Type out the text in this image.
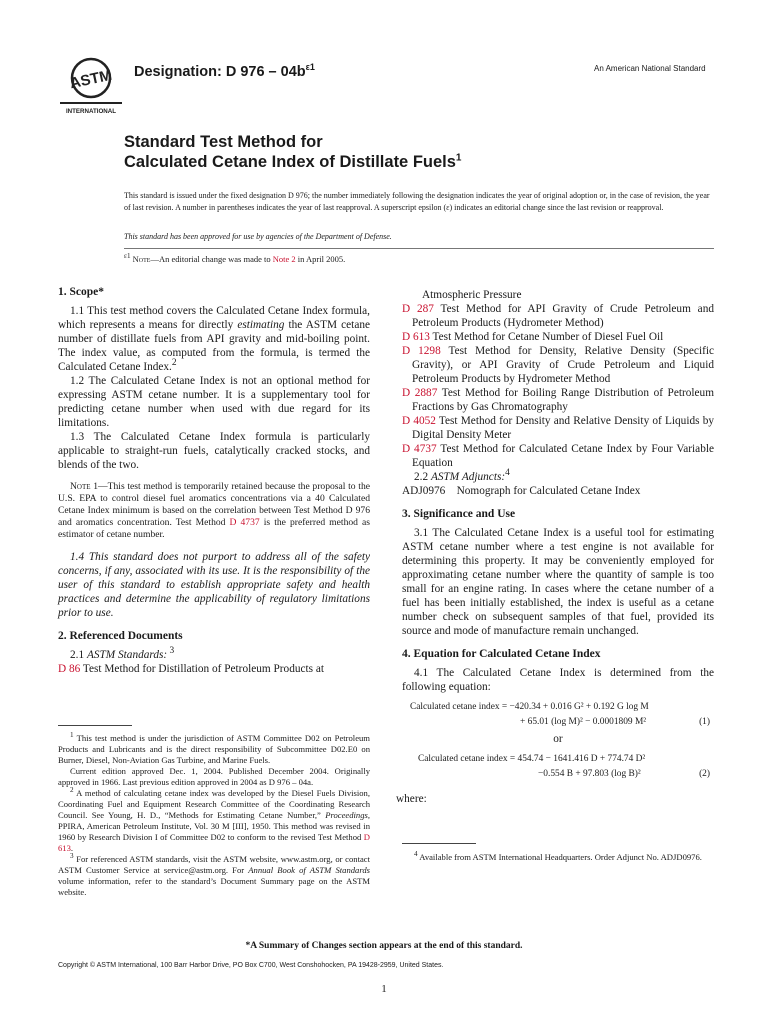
ASTM
INTERNATIONAL
Designation: D $976 - 04b^{\varepsilon 1}$	An American National Standard
Standard Test Method for
Calculated Cetane Index of Distillate Fuels$^1$
This standard is issued under the fixed designation D 976; the number immediately following the designation indicates the year of original adoption or, in the case of revision, the year of last revision. A number in parentheses indicates the year of last reapproval. A superscript epsilon (ε) indicates an editorial change since the last revision or reapproval.
This standard has been approved for use by agencies of the Department of Defense.
$^{\varepsilon 1}$ Note—An editorial change was made to Note 2 in April 2005.
1. Scope*

1.1 This test method covers the Calculated Cetane Index formula, which represents a means for directly estimating the ASTM cetane number of distillate fuels from API gravity and mid-boiling point. The index value, as computed from the formula, is termed the Calculated Cetane Index.$^2$

1.2 The Calculated Cetane Index is not an optional method for expressing ASTM cetane number. It is a supplementary tool for predicting cetane number when used with due regard for its limitations.

1.3 The Calculated Cetane Index formula is particularly applicable to straight-run fuels, catalytically cracked stocks, and blends of the two.

Note 1—This test method is temporarily retained because the proposal to the U.S. EPA to control diesel fuel aromatics concentrations via a 40 Calculated Cetane Index minimum is based on the correlation between Test Method D 976 and aromatics concentration. Test Method D 4737 is the preferred method as estimator of cetane number.

1.4 This standard does not purport to address all of the safety concerns, if any, associated with its use. It is the responsibility of the user of this standard to establish appropriate safety and health practices and determine the applicability of regulatory limitations prior to use.

2. Referenced Documents

2.1 ASTM Standards: $^3$

D 86 Test Method for Distillation of Petroleum Products at

$^1$ This test method is under the jurisdiction of ASTM Committee D02 on Petroleum Products and Lubricants and is the direct responsibility of Subcommittee D02.E0 on Burner, Diesel, Non-Aviation Gas Turbine, and Marine Fuels.

Current edition approved Dec. 1, 2004. Published December 2004. Originally approved in 1966. Last previous edition approved in 2004 as D 976 – 04a.

$^2$ A method of calculating cetane index was developed by the Diesel Fuels Division, Coordinating Fuel and Equipment Research Committee of the Coordinating Research Council. See Young, H. D., “Methods for Estimating Cetane Number,” Proceedings, PPIRA, American Petroleum Institute, Vol. 30 M [III], 1950. This method was revised in 1960 by Research Division I of Committee D02 to conform to the revised Test Method D 613.

$^3$ For referenced ASTM standards, visit the ASTM website, www.astm.org, or contact ASTM Customer Service at service@astm.org. For Annual Book of ASTM Standards volume information, refer to the standard’s Document Summary page on the ASTM website.

Atmospheric Pressure

D 287 Test Method for API Gravity of Crude Petroleum and Petroleum Products (Hydrometer Method)

D 613 Test Method for Cetane Number of Diesel Fuel Oil

D 1298 Test Method for Density, Relative Density (Specific Gravity), or API Gravity of Crude Petroleum and Liquid Petroleum Products by Hydrometer Method

D 2887 Test Method for Boiling Range Distribution of Petroleum Fractions by Gas Chromatography

D 4052 Test Method for Density and Relative Density of Liquids by Digital Density Meter

D 4737 Test Method for Calculated Cetane Index by Four Variable Equation

2.2 ASTM Adjuncts:$^4$

ADJ0976    Nomograph for Calculated Cetane Index

3. Significance and Use

3.1 The Calculated Cetane Index is a useful tool for estimating ASTM cetane number where a test engine is not available for determining this property. It may be conveniently employed for approximating cetane number where the quantity of sample is too small for an engine rating. In cases where the cetane number of a fuel has been initially established, the index is useful as a cetane number check on subsequent samples of that fuel, provided its source and mode of manufacture remain unchanged.

4. Equation for Calculated Cetane Index

4.1 The Calculated Cetane Index is determined from the following equation:

Calculated cetane index = −420.34 + 0.016 G² + 0.192 G log M
+ 65.01 (log M)² − 0.0001809 M²	(1)
or
Calculated cetane index = 454.74 − 1641.416 D + 774.74 D²
−0.554 B + 97.803 (log B)²	(2)
where:

$^4$ Available from ASTM International Headquarters. Order Adjunct No. ADJD0976.

*A Summary of Changes section appears at the end of this standard.
Copyright © ASTM International, 100 Barr Harbor Drive, PO Box C700, West Conshohocken, PA 19428-2959, United States.
1
